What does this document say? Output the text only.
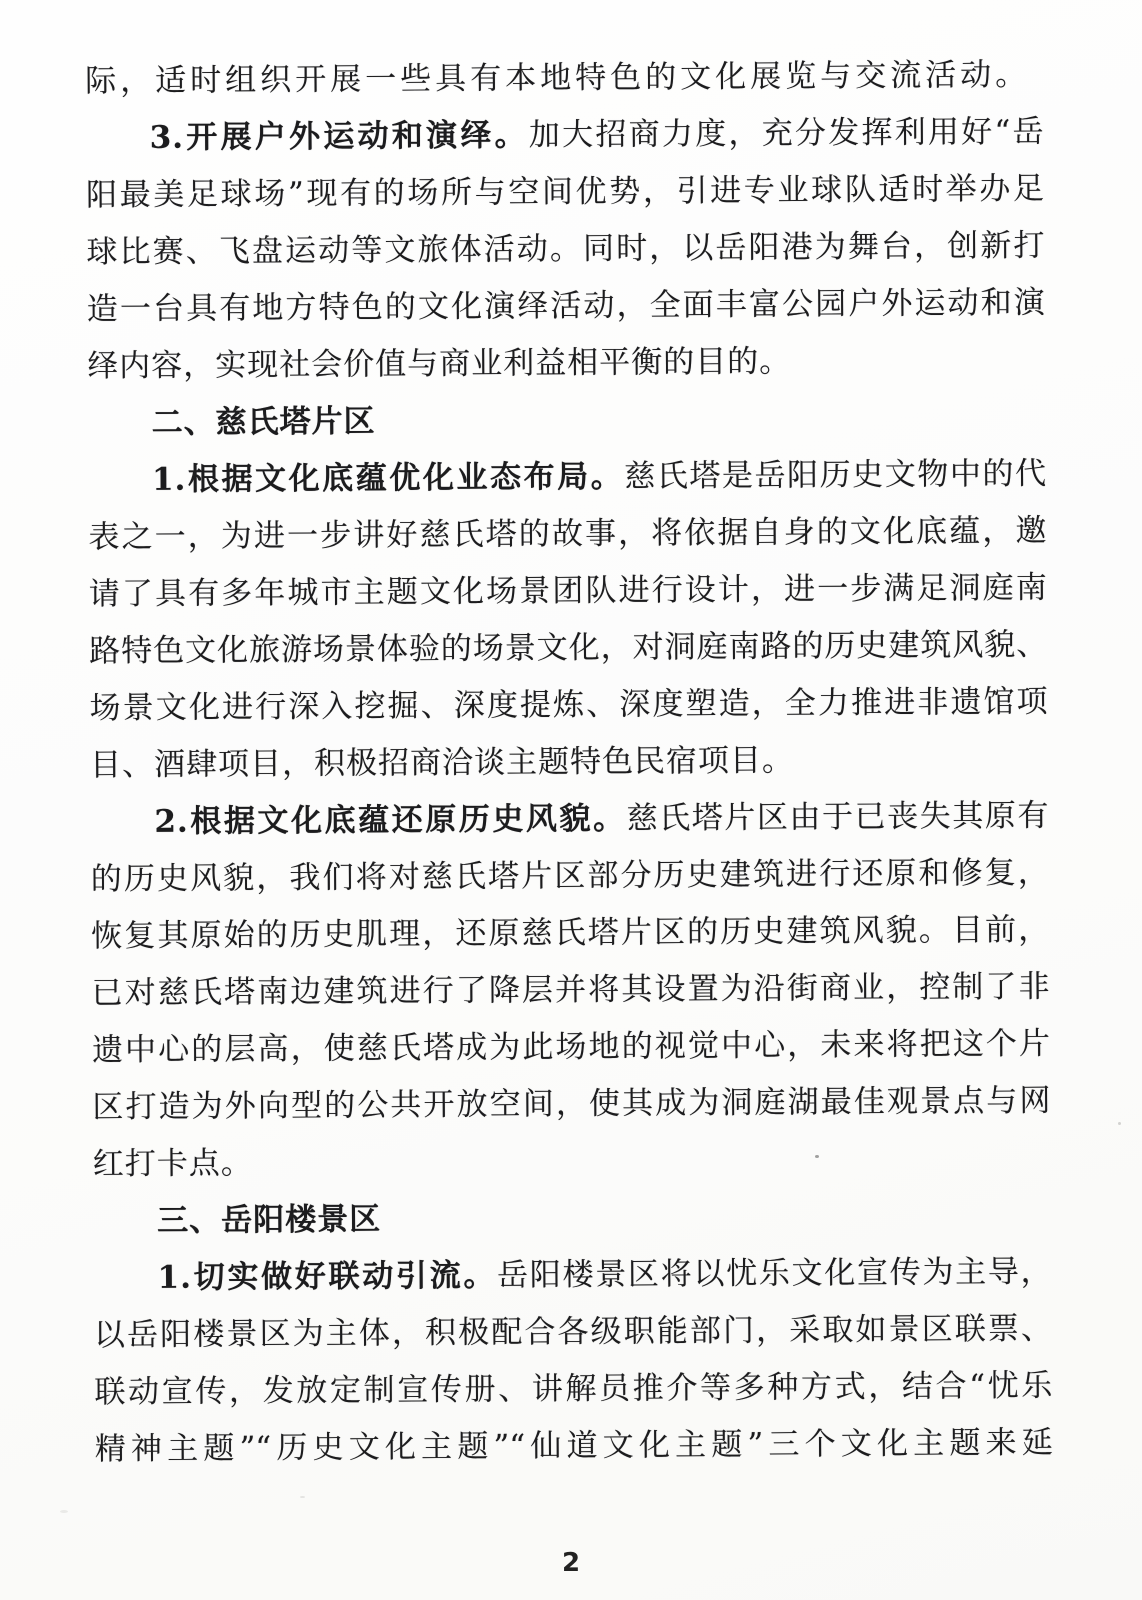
际，适时组织开展一些具有本地特色的文化展览与交流活动。

3.开展户外运动和演绎。加大招商力度，充分发挥利用好“岳

阳最美足球场”现有的场所与空间优势，引进专业球队适时举办足

球比赛、飞盘运动等文旅体活动。同时，以岳阳港为舞台，创新打

造一台具有地方特色的文化演绎活动，全面丰富公园户外运动和演

绎内容，实现社会价值与商业利益相平衡的目的。

二、慈氏塔片区

1.根据文化底蕴优化业态布局。慈氏塔是岳阳历史文物中的代

表之一，为进一步讲好慈氏塔的故事，将依据自身的文化底蕴，邀

请了具有多年城市主题文化场景团队进行设计，进一步满足洞庭南

路特色文化旅游场景体验的场景文化，对洞庭南路的历史建筑风貌、

场景文化进行深入挖掘、深度提炼、深度塑造，全力推进非遗馆项

目、酒肆项目，积极招商洽谈主题特色民宿项目。

2.根据文化底蕴还原历史风貌。慈氏塔片区由于已丧失其原有

的历史风貌，我们将对慈氏塔片区部分历史建筑进行还原和修复，

恢复其原始的历史肌理，还原慈氏塔片区的历史建筑风貌。目前，

已对慈氏塔南边建筑进行了降层并将其设置为沿街商业，控制了非

遗中心的层高，使慈氏塔成为此场地的视觉中心，未来将把这个片

区打造为外向型的公共开放空间，使其成为洞庭湖最佳观景点与网

红打卡点。

三、岳阳楼景区

1.切实做好联动引流。岳阳楼景区将以忧乐文化宣传为主导，

以岳阳楼景区为主体，积极配合各级职能部门，采取如景区联票、

联动宣传，发放定制宣传册、讲解员推介等多种方式，结合“忧乐

精神主题”“历史文化主题”“仙道文化主题”三个文化主题来延

2
